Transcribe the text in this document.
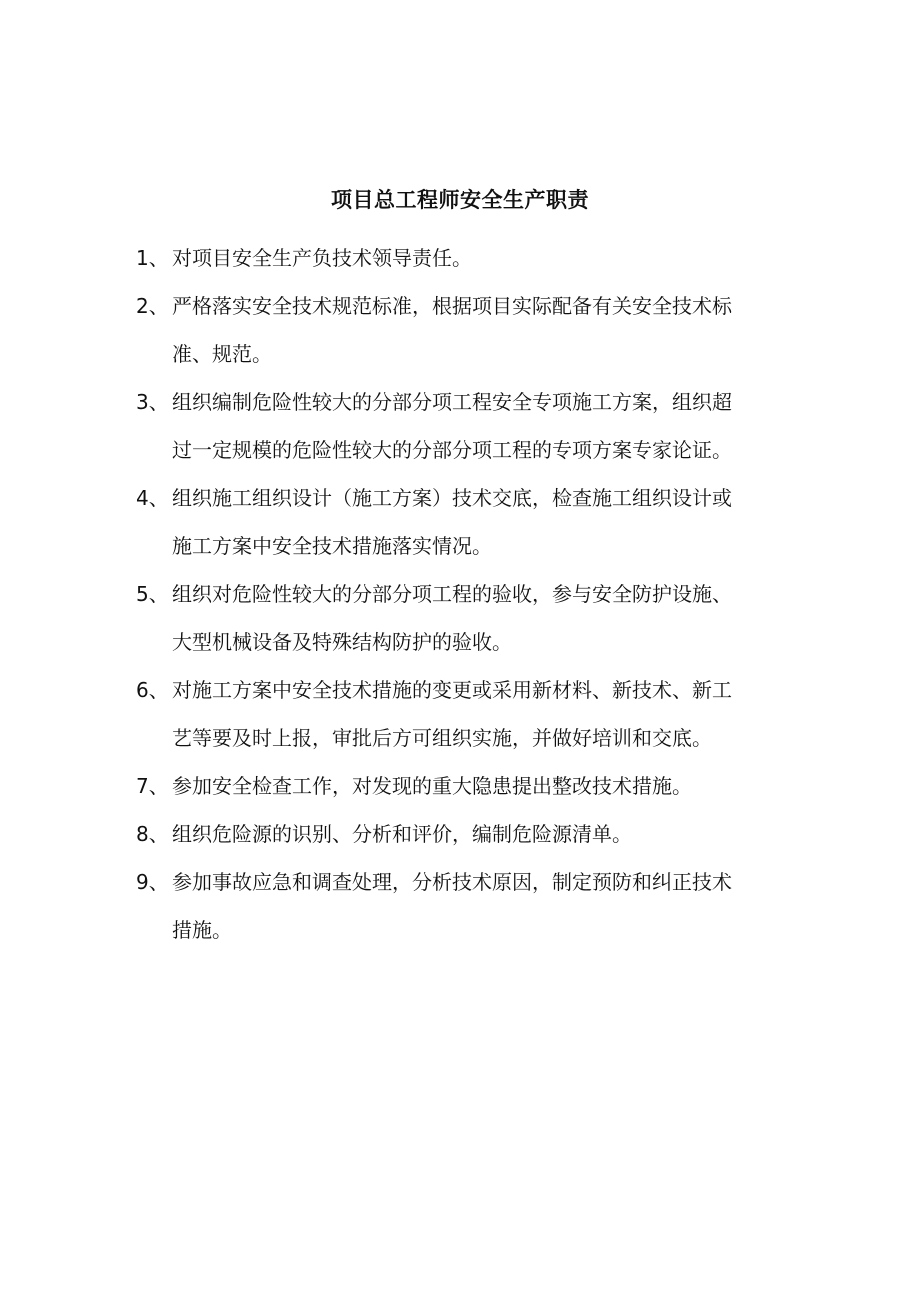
项目总工程师安全生产职责
1、 对项目安全生产负技术领导责任。
2、 严格落实安全技术规范标准，根据项目实际配备有关安全技术标
准、规范。
3、 组织编制危险性较大的分部分项工程安全专项施工方案，组织超
过一定规模的危险性较大的分部分项工程的专项方案专家论证。
4、 组织施工组织设计（施工方案）技术交底，检查施工组织设计或
施工方案中安全技术措施落实情况。
5、 组织对危险性较大的分部分项工程的验收，参与安全防护设施、
大型机械设备及特殊结构防护的验收。
6、 对施工方案中安全技术措施的变更或采用新材料、新技术、新工
艺等要及时上报，审批后方可组织实施，并做好培训和交底。
7、 参加安全检查工作，对发现的重大隐患提出整改技术措施。
8、 组织危险源的识别、分析和评价，编制危险源清单。
9、 参加事故应急和调查处理，分析技术原因，制定预防和纠正技术
措施。
